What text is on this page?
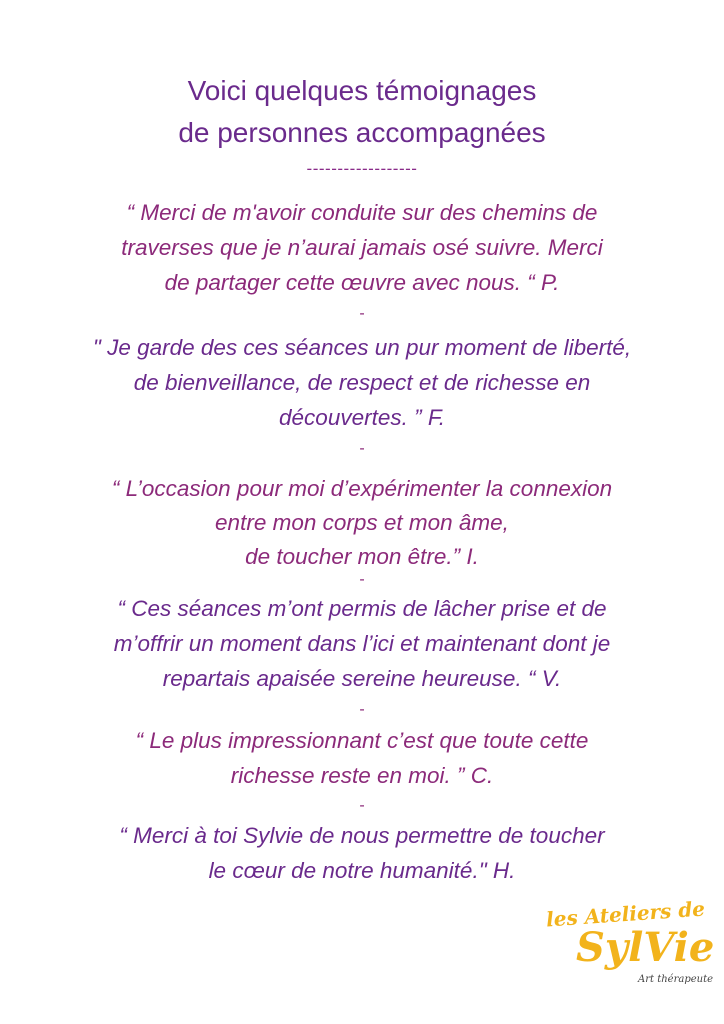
Voici quelques témoignages
de personnes accompagnées
------------------
“ Merci de m'avoir conduite sur des chemins de
traverses que je n’aurai jamais osé suivre. Merci
de partager cette œuvre avec nous. “ P.
-
" Je garde des ces séances un pur moment de liberté,
de bienveillance, de respect et de richesse en
découvertes. ” F.
-
“ L’occasion pour moi d’expérimenter la connexion
entre mon corps et mon âme,
de toucher mon être.” I.
-
“ Ces séances m’ont permis de lâcher prise et de
m’offrir un moment dans l’ici et maintenant dont je
repartais apaisée sereine heureuse. “ V.
-
“ Le plus impressionnant c’est que toute cette
richesse reste en moi. ” C.
-
“ Merci à toi Sylvie de nous permettre de toucher
le cœur de notre humanité." H.
les Ateliers de
SylVie
Art thérapeute
